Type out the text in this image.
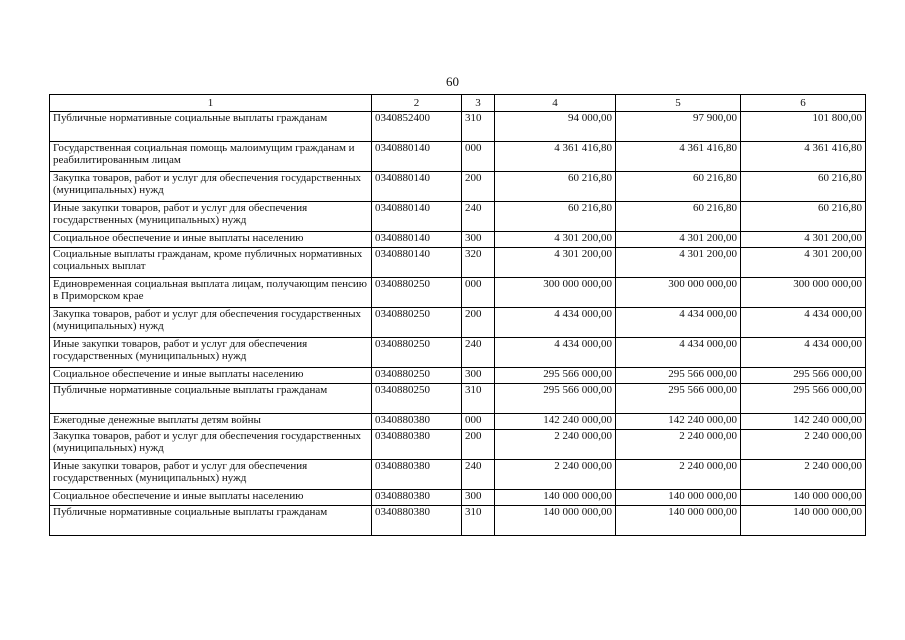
60
1	2	3	4	5	6
Публичные нормативные социальные выплаты гражданам	0340852400	310	94 000,00	97 900,00	101 800,00
Государственная социальная помощь малоимущим гражданам и реабилитированным лицам	0340880140	000	4 361 416,80	4 361 416,80	4 361 416,80
Закупка товаров, работ и услуг для обеспечения государственных (муниципальных) нужд	0340880140	200	60 216,80	60 216,80	60 216,80
Иные закупки товаров, работ и услуг для обеспечения государственных (муниципальных) нужд	0340880140	240	60 216,80	60 216,80	60 216,80
Социальное обеспечение и иные выплаты населению	0340880140	300	4 301 200,00	4 301 200,00	4 301 200,00
Социальные выплаты гражданам, кроме публичных нормативных социальных выплат	0340880140	320	4 301 200,00	4 301 200,00	4 301 200,00
Единовременная социальная выплата лицам, получающим пенсию в Приморском крае	0340880250	000	300 000 000,00	300 000 000,00	300 000 000,00
Закупка товаров, работ и услуг для обеспечения государственных (муниципальных) нужд	0340880250	200	4 434 000,00	4 434 000,00	4 434 000,00
Иные закупки товаров, работ и услуг для обеспечения государственных (муниципальных) нужд	0340880250	240	4 434 000,00	4 434 000,00	4 434 000,00
Социальное обеспечение и иные выплаты населению	0340880250	300	295 566 000,00	295 566 000,00	295 566 000,00
Публичные нормативные социальные выплаты гражданам	0340880250	310	295 566 000,00	295 566 000,00	295 566 000,00
Ежегодные денежные выплаты детям войны	0340880380	000	142 240 000,00	142 240 000,00	142 240 000,00
Закупка товаров, работ и услуг для обеспечения государственных (муниципальных) нужд	0340880380	200	2 240 000,00	2 240 000,00	2 240 000,00
Иные закупки товаров, работ и услуг для обеспечения государственных (муниципальных) нужд	0340880380	240	2 240 000,00	2 240 000,00	2 240 000,00
Социальное обеспечение и иные выплаты населению	0340880380	300	140 000 000,00	140 000 000,00	140 000 000,00
Публичные нормативные социальные выплаты гражданам	0340880380	310	140 000 000,00	140 000 000,00	140 000 000,00
